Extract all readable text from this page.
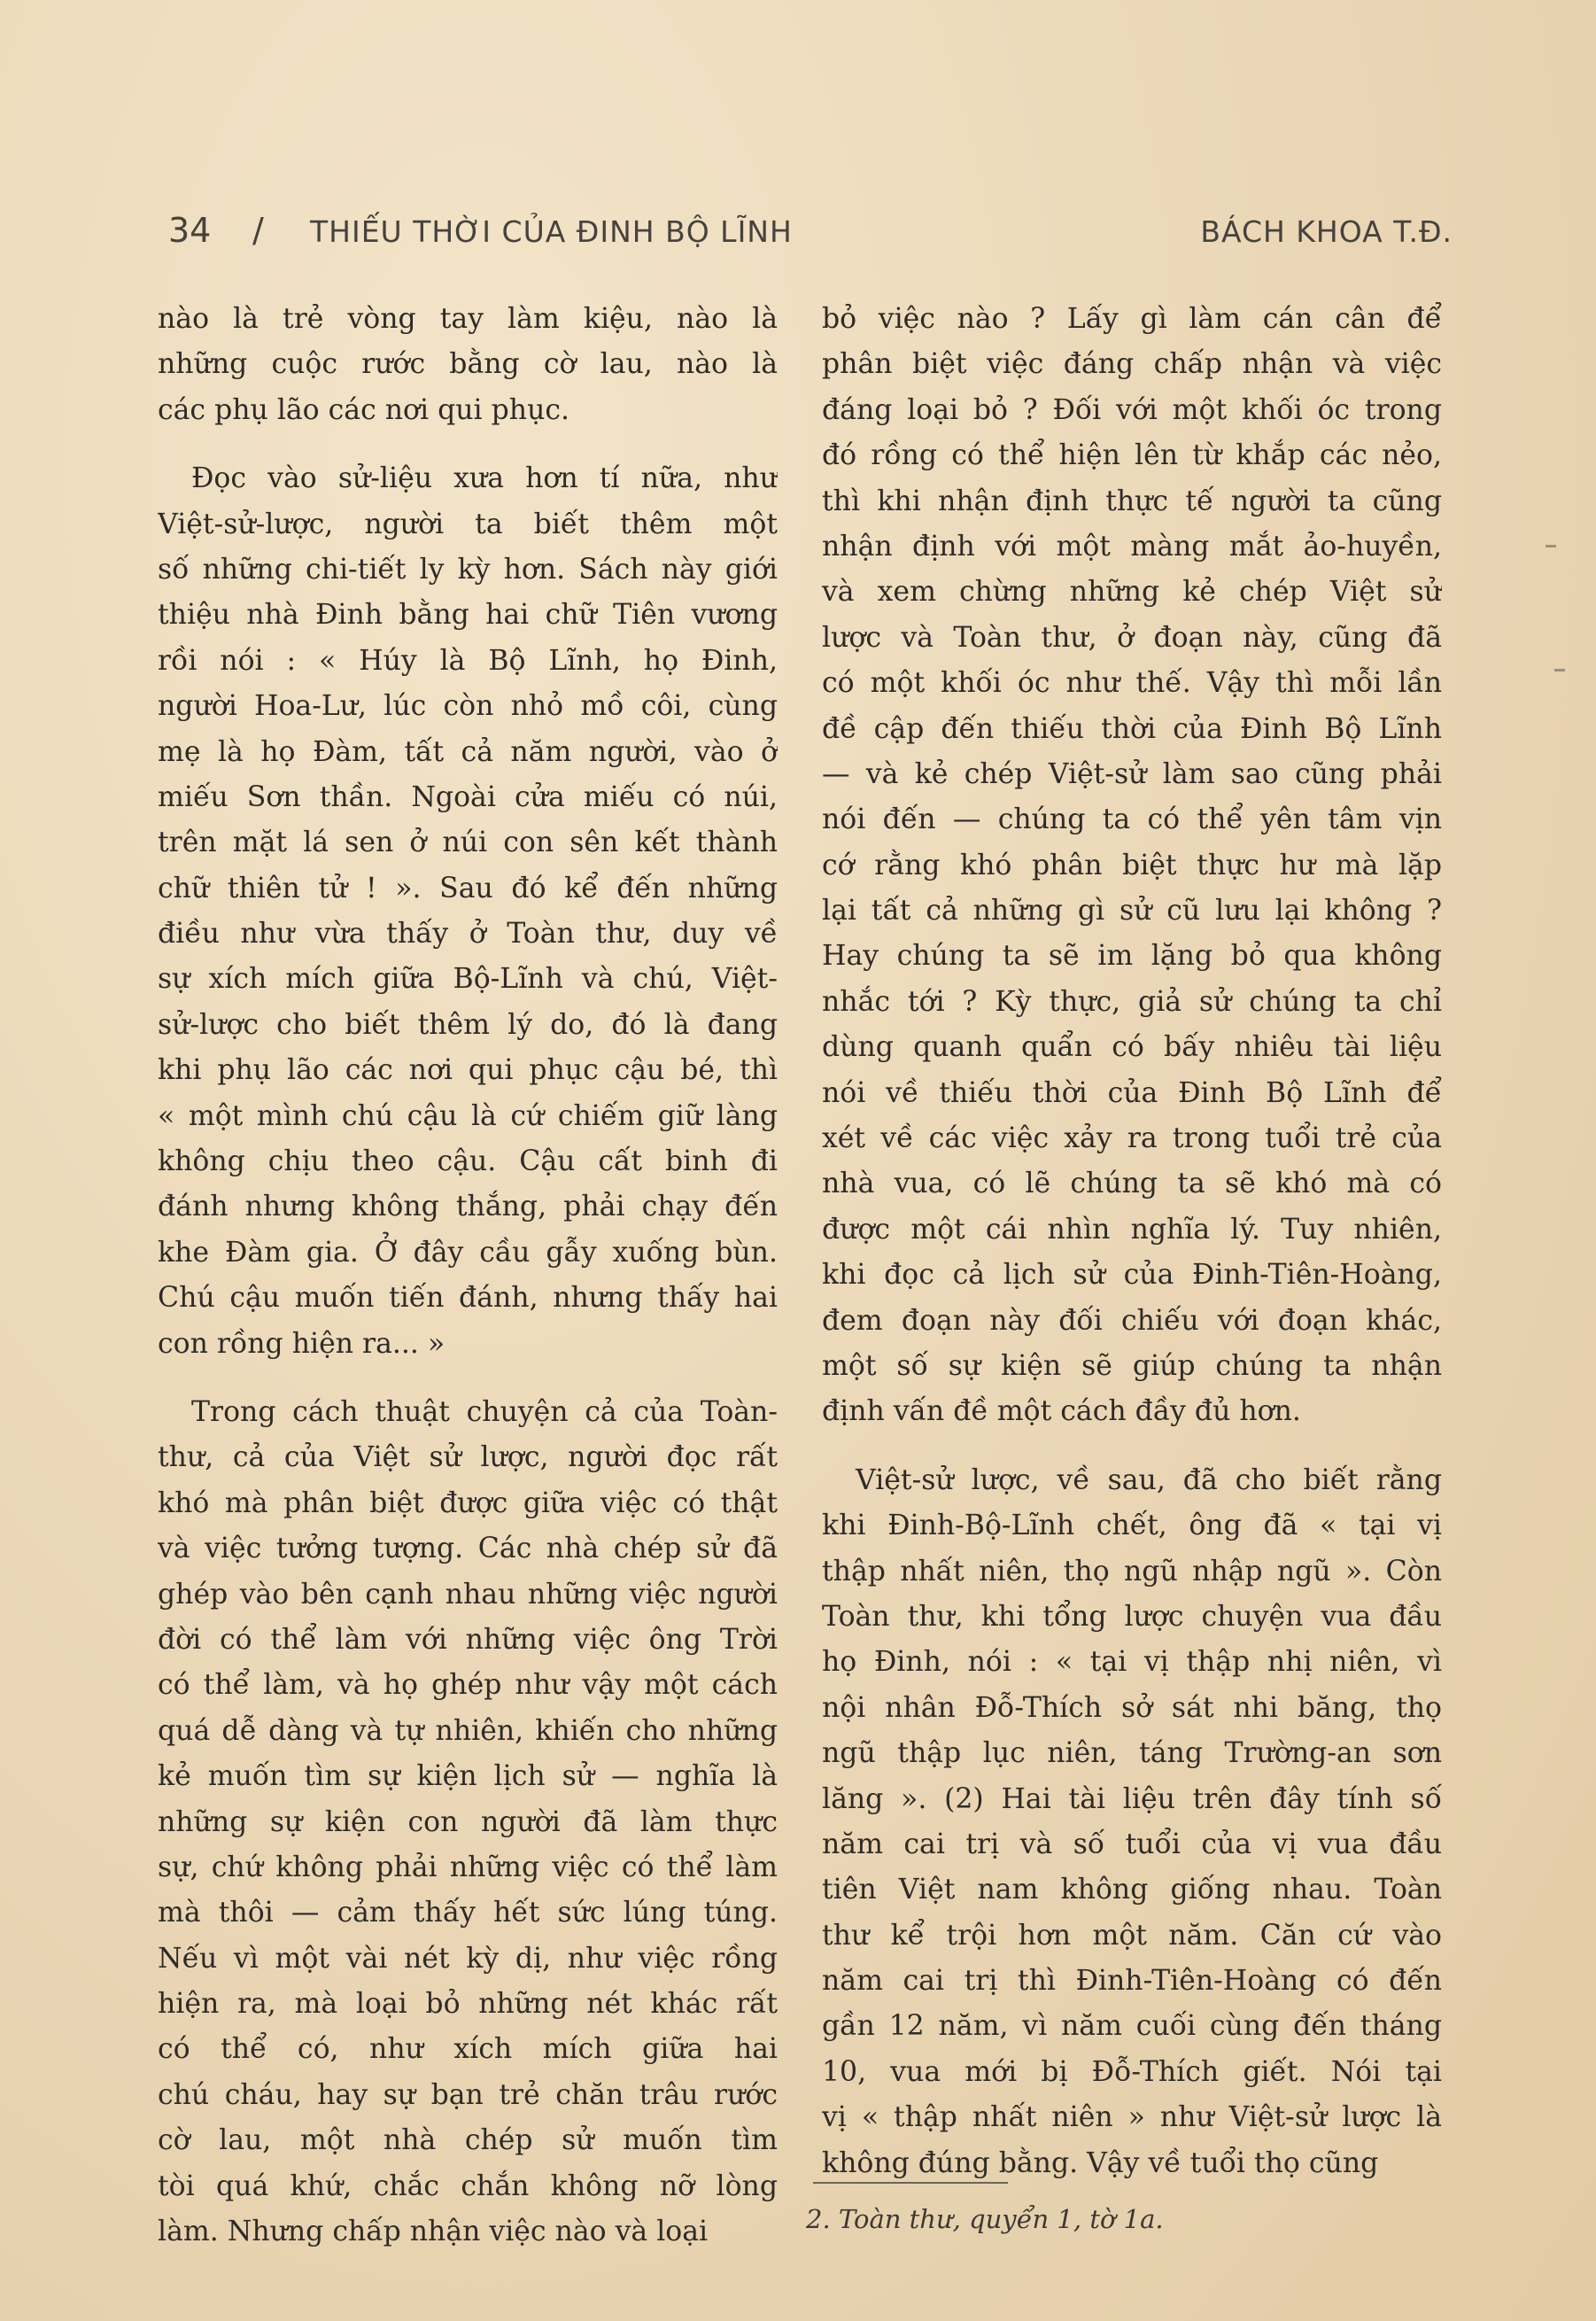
34 / THIẾU THỜI CỦA ĐINH BỘ LĨNH	BÁCH KHOA T.Đ.
nào là trẻ vòng tay làm kiệu, nào là
những cuộc rước bằng cờ lau, nào là
các phụ lão các nơi qui phục.
Đọc vào sử-liệu xưa hơn tí nữa, như
Việt-sử-lược, người ta biết thêm một
số những chi-tiết ly kỳ hơn. Sách này giới
thiệu nhà Đinh bằng hai chữ Tiên vương
rồi nói : « Húy là Bộ Lĩnh, họ Đinh,
người Hoa-Lư, lúc còn nhỏ mồ côi, cùng
mẹ là họ Đàm, tất cả năm người, vào ở
miếu Sơn thần. Ngoài cửa miếu có núi,
trên mặt lá sen ở núi con sên kết thành
chữ thiên tử ! ». Sau đó kể đến những
điều như vừa thấy ở Toàn thư, duy về
sự xích mích giữa Bộ-Lĩnh và chú, Việt-
sử-lược cho biết thêm lý do, đó là đang
khi phụ lão các nơi qui phục cậu bé, thì
« một mình chú cậu là cứ chiếm giữ làng
không chịu theo cậu. Cậu cất binh đi
đánh nhưng không thắng, phải chạy đến
khe Đàm gia. Ở đây cầu gẫy xuống bùn.
Chú cậu muốn tiến đánh, nhưng thấy hai
con rồng hiện ra... »
Trong cách thuật chuyện cả của Toàn-
thư, cả của Việt sử lược, người đọc rất
khó mà phân biệt được giữa việc có thật
và việc tưởng tượng. Các nhà chép sử đã
ghép vào bên cạnh nhau những việc người
đời có thể làm với những việc ông Trời
có thể làm, và họ ghép như vậy một cách
quá dễ dàng và tự nhiên, khiến cho những
kẻ muốn tìm sự kiện lịch sử — nghĩa là
những sự kiện con người đã làm thực
sự, chứ không phải những việc có thể làm
mà thôi — cảm thấy hết sức lúng túng.
Nếu vì một vài nét kỳ dị, như việc rồng
hiện ra, mà loại bỏ những nét khác rất
có thể có, như xích mích giữa hai
chú cháu, hay sự bạn trẻ chăn trâu rước
cờ lau, một nhà chép sử muốn tìm
tòi quá khứ, chắc chắn không nỡ lòng
làm. Nhưng chấp nhận việc nào và loại
bỏ việc nào ? Lấy gì làm cán cân để
phân biệt việc đáng chấp nhận và việc
đáng loại bỏ ? Đối với một khối óc trong
đó rồng có thể hiện lên từ khắp các nẻo,
thì khi nhận định thực tế người ta cũng
nhận định với một màng mắt ảo-huyền,
và xem chừng những kẻ chép Việt sử
lược và Toàn thư, ở đoạn này, cũng đã
có một khối óc như thế. Vậy thì mỗi lần
đề cập đến thiếu thời của Đinh Bộ Lĩnh
— và kẻ chép Việt-sử làm sao cũng phải
nói đến — chúng ta có thể yên tâm vịn
cớ rằng khó phân biệt thực hư mà lặp
lại tất cả những gì sử cũ lưu lại không ?
Hay chúng ta sẽ im lặng bỏ qua không
nhắc tới ? Kỳ thực, giả sử chúng ta chỉ
dùng quanh quẩn có bấy nhiêu tài liệu
nói về thiếu thời của Đinh Bộ Lĩnh để
xét về các việc xảy ra trong tuổi trẻ của
nhà vua, có lẽ chúng ta sẽ khó mà có
được một cái nhìn nghĩa lý. Tuy nhiên,
khi đọc cả lịch sử của Đinh-Tiên-Hoàng,
đem đoạn này đối chiếu với đoạn khác,
một số sự kiện sẽ giúp chúng ta nhận
định vấn đề một cách đầy đủ hơn.
Việt-sử lược, về sau, đã cho biết rằng
khi Đinh-Bộ-Lĩnh chết, ông đã « tại vị
thập nhất niên, thọ ngũ nhập ngũ ». Còn
Toàn thư, khi tổng lược chuyện vua đầu
họ Đinh, nói : « tại vị thập nhị niên, vì
nội nhân Đỗ-Thích sở sát nhi băng, thọ
ngũ thập lục niên, táng Trường-an sơn
lăng ». (2) Hai tài liệu trên đây tính số
năm cai trị và số tuổi của vị vua đầu
tiên Việt nam không giống nhau. Toàn
thư kể trội hơn một năm. Căn cứ vào
năm cai trị thì Đinh-Tiên-Hoàng có đến
gần 12 năm, vì năm cuối cùng đến tháng
10, vua mới bị Đỗ-Thích giết. Nói tại
vị « thập nhất niên » như Việt-sử lược là
không đúng bằng. Vậy về tuổi thọ cũng
2. Toàn thư, quyển 1, tờ 1a.
